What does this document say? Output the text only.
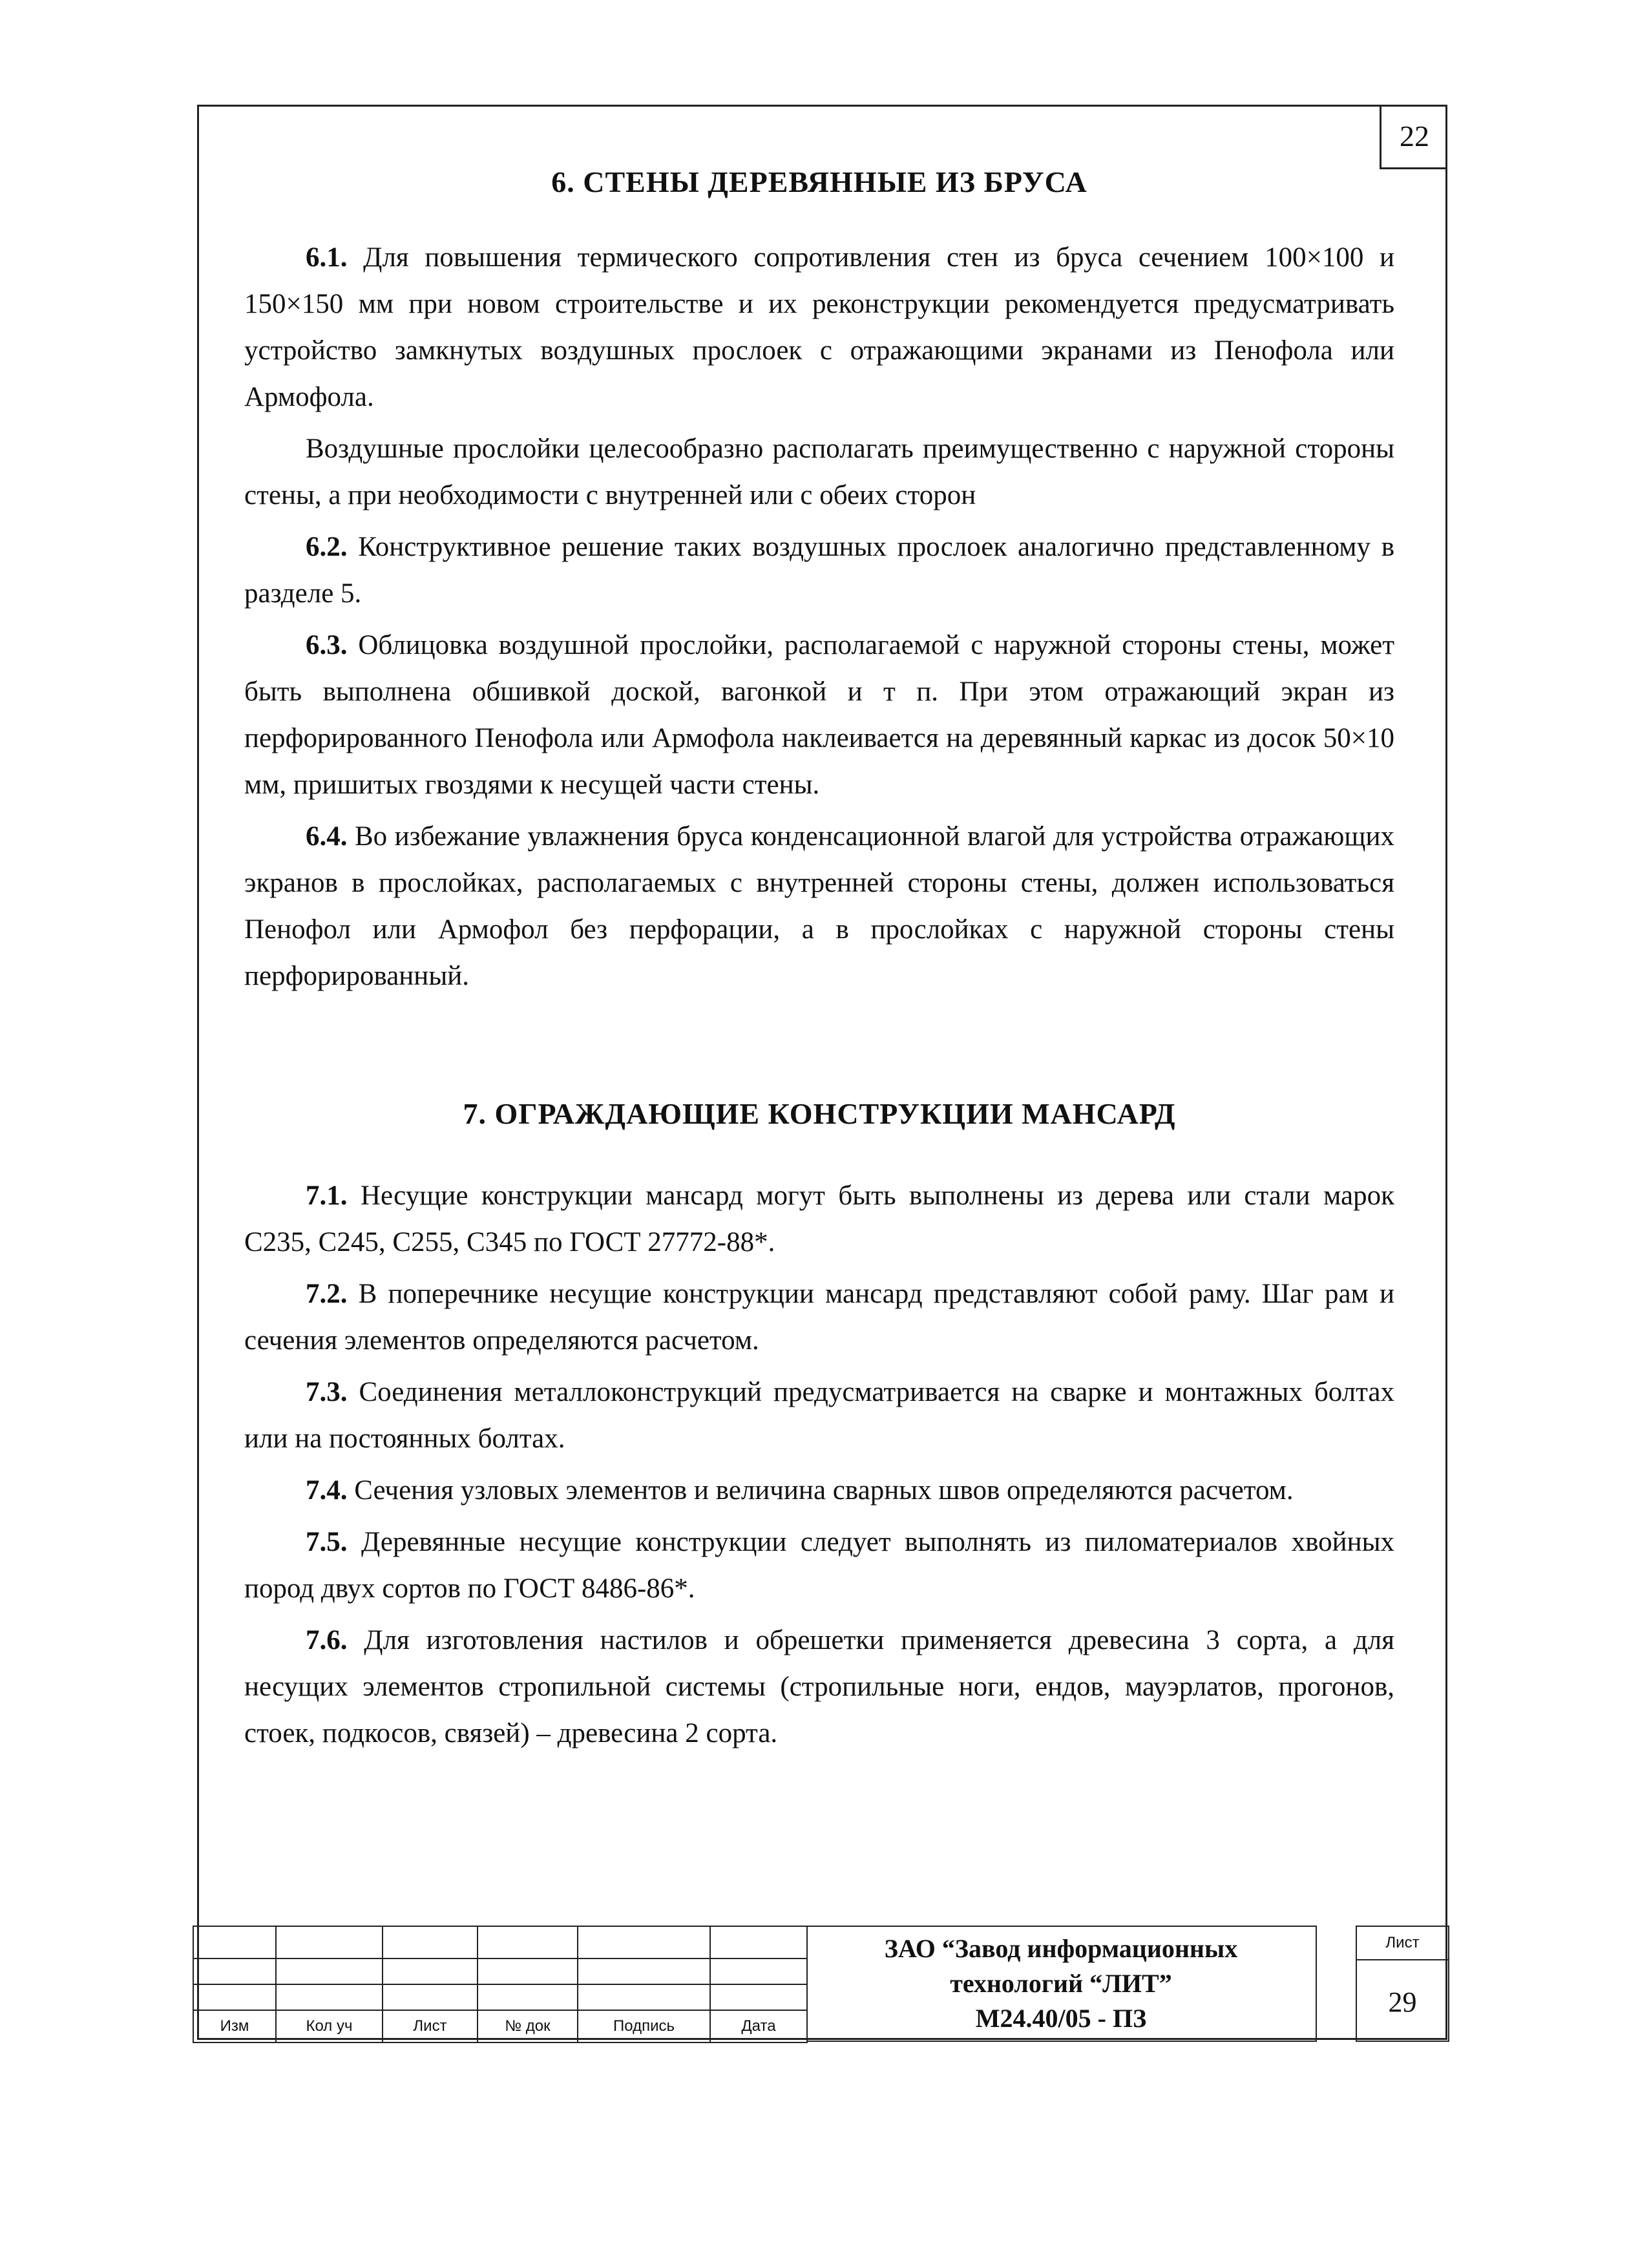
22
6. СТЕНЫ ДЕРЕВЯННЫЕ ИЗ БРУСА

6.1. Для повышения термического сопротивления стен из бруса сечением 100×100 и 150×150 мм при новом строительстве и их реконструкции рекомендуется предусматривать устройство замкнутых воздушных прослоек с отражающими экранами из Пенофола или Армофола.

Воздушные прослойки целесообразно располагать преимущественно с наружной стороны стены, а при необходимости с внутренней или с обеих сторон

6.2. Конструктивное решение таких воздушных прослоек аналогично представленному в разделе 5.

6.3. Облицовка воздушной прослойки, располагаемой с наружной стороны стены, может быть выполнена обшивкой доской, вагонкой и т п. При этом отражающий экран из перфорированного Пенофола или Армофола наклеивается на деревянный каркас из досок 50×10 мм, пришитых гвоздями к несущей части стены.

6.4. Во избежание увлажнения бруса конденсационной влагой для устройства отражающих экранов в прослойках, располагаемых с внутренней стороны стены, должен использоваться Пенофол или Армофол без перфорации, а в прослойках с наружной стороны стены перфорированный.

7. ОГРАЖДАЮЩИЕ КОНСТРУКЦИИ МАНСАРД

7.1. Несущие конструкции мансард могут быть выполнены из дерева или стали марок С235, С245, С255, С345 по ГОСТ 27772-88*.

7.2. В поперечнике несущие конструкции мансард представляют собой раму. Шаг рам и сечения элементов определяются расчетом.

7.3. Соединения металлоконструкций предусматривается на сварке и монтажных болтах или на постоянных болтах.

7.4. Сечения узловых элементов и величина сварных швов определяются расчетом.

7.5. Деревянные несущие конструкции следует выполнять из пиломатериалов хвойных пород двух сортов по ГОСТ 8486-86*.

7.6. Для изготовления настилов и обрешетки применяется древесина 3 сорта, а для несущих элементов стропильной системы (стропильные ноги, ендов, мауэрлатов, прогонов, стоек, подкосов, связей) – древесина 2 сорта.

Изм	Кол уч	Лист	№ док	Подпись	Дата
ЗАО “Завод информационных
технологий “ЛИТ”
М24.40/05 - ПЗ
Лист
29
